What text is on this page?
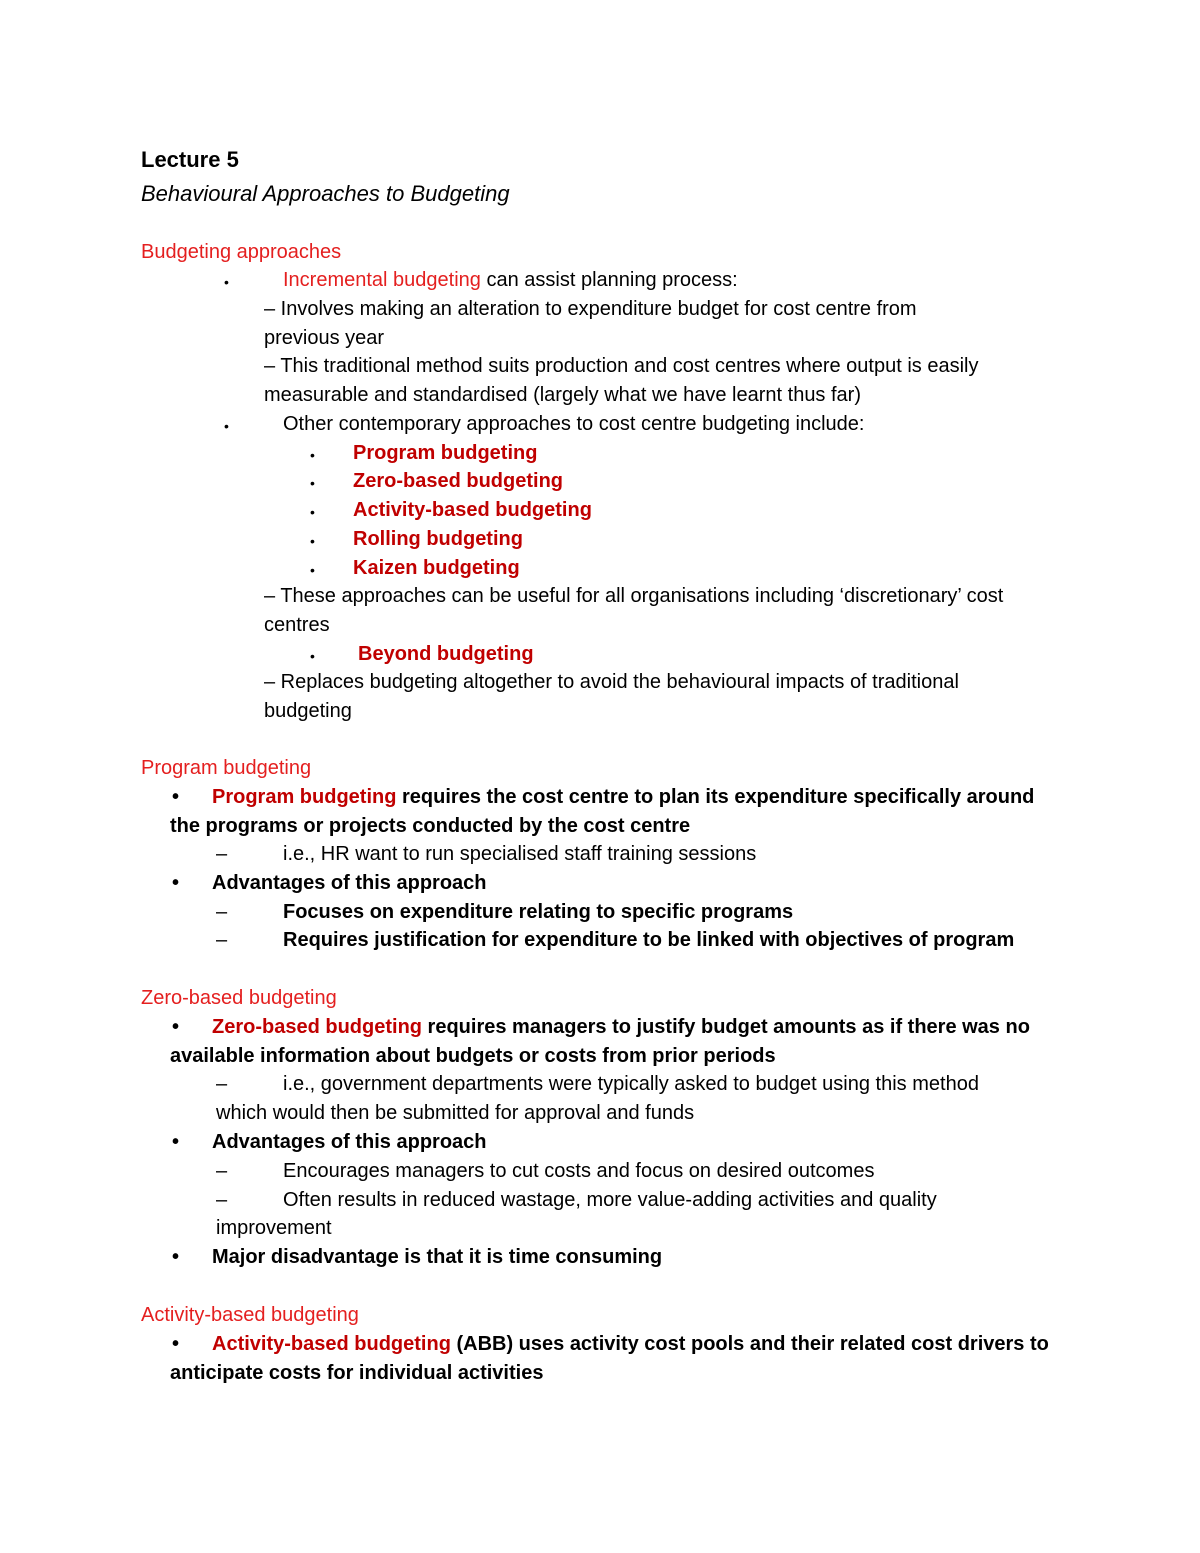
Lecture 5
Behavioural Approaches to Budgeting
Budgeting approaches
•	Incremental budgeting can assist planning process:
– Involves making an alteration to expenditure budget for cost centre from
previous year
– This traditional method suits production and cost centres where output is easily
measurable and standardised (largely what we have learnt thus far)
•	Other contemporary approaches to cost centre budgeting include:
• Program budgeting
• Zero-based budgeting
• Activity-based budgeting
• Rolling budgeting
• Kaizen budgeting
– These approaches can be useful for all organisations including ‘discretionary’ cost
centres
• Beyond budgeting
– Replaces budgeting altogether to avoid the behavioural impacts of traditional
budgeting
Program budgeting
• Program budgeting requires the cost centre to plan its expenditure specifically around
the programs or projects conducted by the cost centre
–	i.e., HR want to run specialised staff training sessions
• Advantages of this approach
–	Focuses on expenditure relating to specific programs
–	Requires justification for expenditure to be linked with objectives of program
Zero-based budgeting
• Zero-based budgeting requires managers to justify budget amounts as if there was no
available information about budgets or costs from prior periods
–	i.e., government departments were typically asked to budget using this method
which would then be submitted for approval and funds
• Advantages of this approach
–	Encourages managers to cut costs and focus on desired outcomes
–	Often results in reduced wastage, more value-adding activities and quality
improvement
• Major disadvantage is that it is time consuming
Activity-based budgeting
• Activity-based budgeting (ABB) uses activity cost pools and their related cost drivers to
anticipate costs for individual activities
